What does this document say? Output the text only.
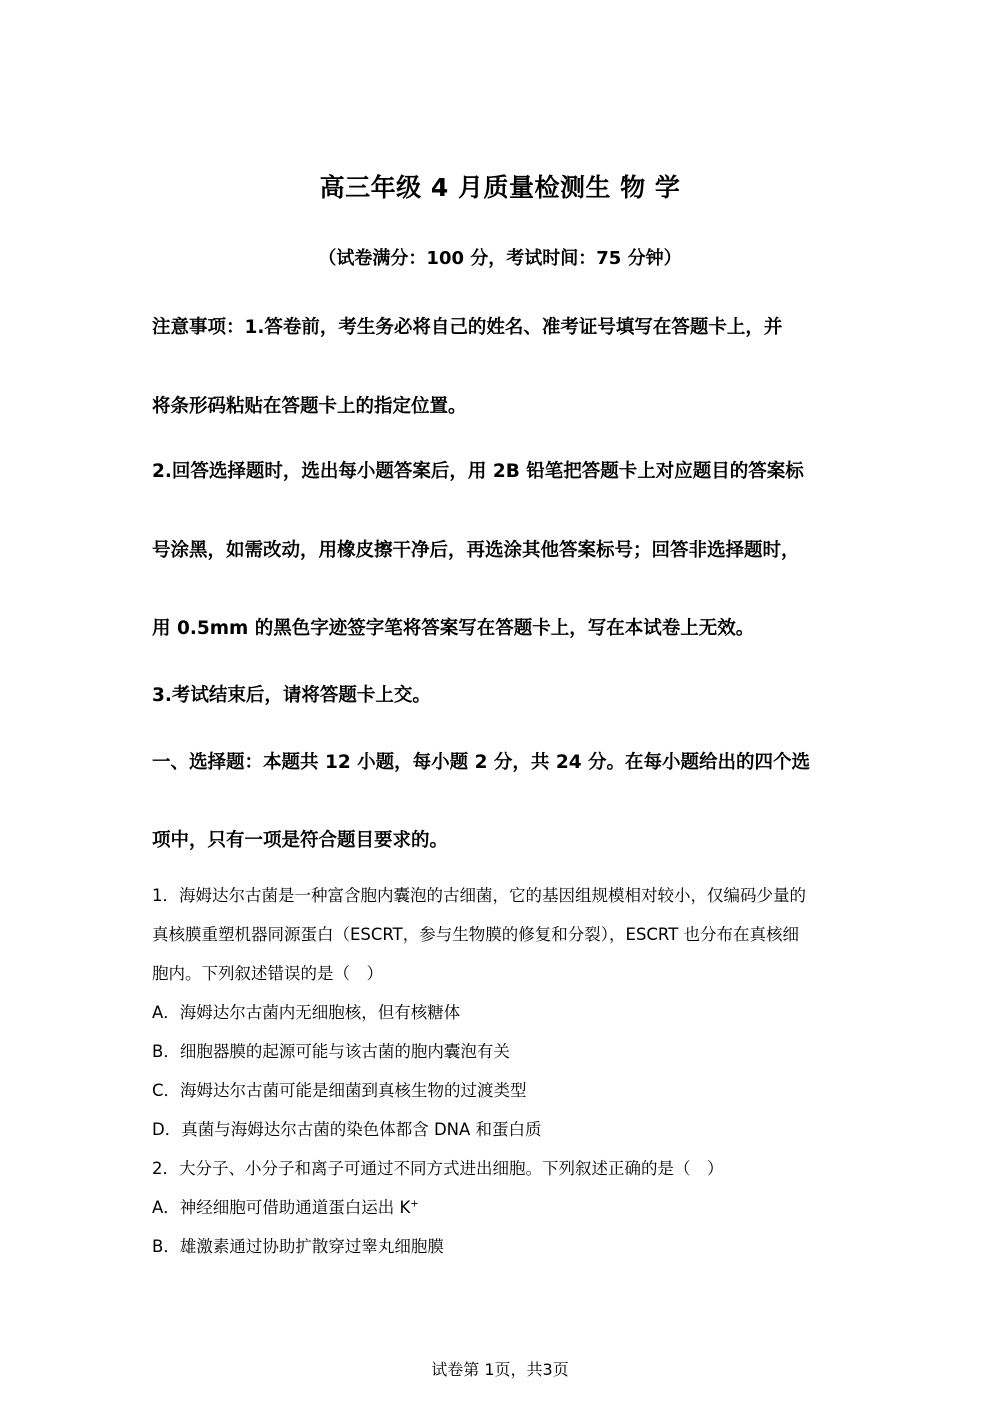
高三年级 4 月质量检测生 物 学
（试卷满分：100 分，考试时间：75 分钟）
注意事项：1.答卷前，考生务必将自己的姓名、准考证号填写在答题卡上，并
将条形码粘贴在答题卡上的指定位置。
2.回答选择题时，选出每小题答案后，用 2B 铅笔把答题卡上对应题目的答案标
号涂黑，如需改动，用橡皮擦干净后，再选涂其他答案标号；回答非选择题时，
用 0.5mm 的黑色字迹签字笔将答案写在答题卡上，写在本试卷上无效。
3.考试结束后，请将答题卡上交。
一、选择题：本题共 12 小题，每小题 2 分，共 24 分。在每小题给出的四个选
项中，只有一项是符合题目要求的。
1．海姆达尔古菌是一种富含胞内囊泡的古细菌，它的基因组规模相对较小，仅编码少量的
真核膜重塑机器同源蛋白（ESCRT，参与生物膜的修复和分裂），ESCRT 也分布在真核细
胞内。下列叙述错误的是（　）
A．海姆达尔古菌内无细胞核，但有核糖体
B．细胞器膜的起源可能与该古菌的胞内囊泡有关
C．海姆达尔古菌可能是细菌到真核生物的过渡类型
D．真菌与海姆达尔古菌的染色体都含 DNA 和蛋白质
2．大分子、小分子和离子可通过不同方式进出细胞。下列叙述正确的是（　）
A．神经细胞可借助通道蛋白运出 K+
B．雄激素通过协助扩散穿过睾丸细胞膜
试卷第 1页，共3页
